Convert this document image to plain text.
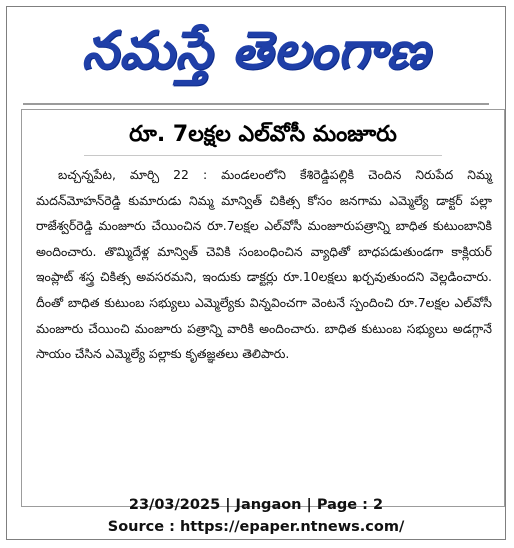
నమస్తే తెలంగాణ
రూ. 7లక్షల ఎల్‌వోసీ మంజూరు
బచ్చన్నపేట, మార్చి 22 : మండలంలోని కేశిరెడ్డిపల్లికి చెందిన నిరుపేద నిమ్మ మదన్‌మోహన్‌రెడ్డి కుమారుడు నిమ్మ మాన్విత్ చికిత్స కోసం జనగామ ఎమ్మెల్యే డాక్టర్ పల్లా రాజేశ్వర్‌రెడ్డి మంజూరు చేయించిన రూ.7లక్షల ఎల్‌వోసీ మంజూరుపత్రాన్ని బాధిత కుటుంబానికి అందించారు. తొమ్మిదేళ్ల మాన్విత్ చెవికి సంబంధించిన వ్యాధితో బాధపడుతుండగా కాక్లియర్ ఇంప్లాట్ శస్త్ర చికిత్స అవసరమని, ఇందుకు డాక్టర్లు రూ.10లక్షలు ఖర్చవుతుందని వెల్లడించారు. దీంతో బాధిత కుటుంబ సభ్యులు ఎమ్మెల్యేకు విన్నవించగా వెంటనే స్పందించి రూ.7లక్షల ఎల్‌వోసీ మంజూరు చేయించి మంజూరు పత్రాన్ని వారికి అందించారు. బాధిత కుటుంబ సభ్యులు అడగ్గానే సాయం చేసిన ఎమ్మెల్యే పల్లాకు కృతజ్ఞతలు తెలిపారు.
23/03/2025 | Jangaon | Page : 2
Source : https://epaper.ntnews.com/
